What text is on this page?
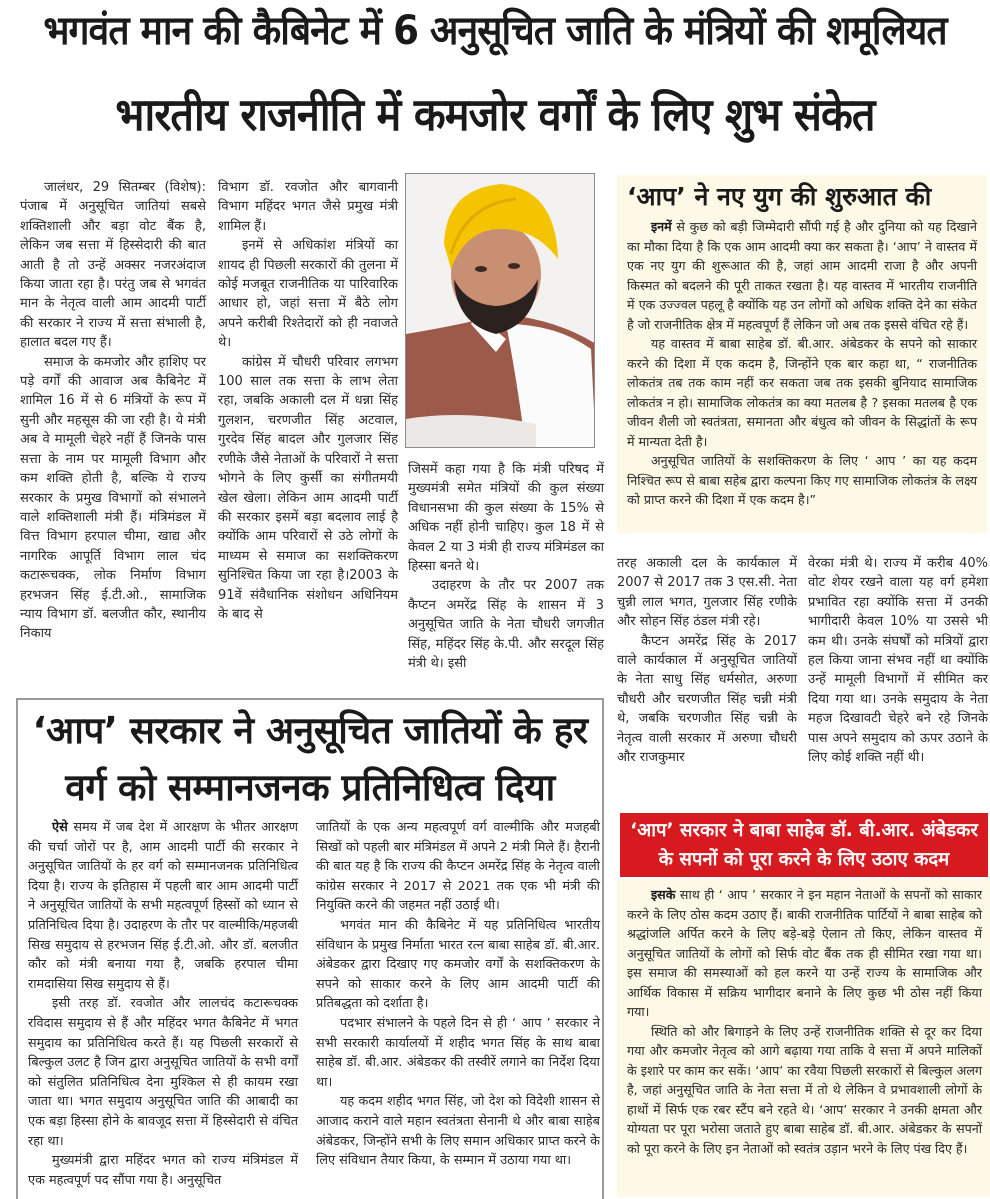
भगवंत मान की कैबिनेट में 6 अनुसूचित जाति के मंत्रियों की शमूलियत
भारतीय राजनीति में कमजोर वर्गों के लिए शुभ संकेत

जालंधर, 29 सितम्बर (विशेष): पंजाब में अनुसूचित जातियां सबसे शक्तिशाली और बड़ा वोट बैंक है, लेकिन जब सत्ता में हिस्सेदारी की बात आती है तो उन्हें अक्सर नजरअंदाज किया जाता रहा है। परंतु जब से भगवंत मान के नेतृत्व वाली आम आदमी पार्टी की सरकार ने राज्य में सत्ता संभाली है, हालात बदल गए हैं।

समाज के कमजोर और हाशिए पर पड़े वर्गों की आवाज अब कैबिनेट में शामिल 16 में से 6 मंत्रियों के रूप में सुनी और महसूस की जा रही है। ये मंत्री अब वे मामूली चेहरे नहीं हैं जिनके पास सत्ता के नाम पर मामूली विभाग और कम शक्ति होती है, बल्कि ये राज्य सरकार के प्रमुख विभागों को संभालने वाले शक्तिशाली मंत्री हैं। मंत्रिमंडल में वित्त विभाग हरपाल चीमा, खाद्य और नागरिक आपूर्ति विभाग लाल चंद कटारूचक्क, लोक निर्माण विभाग हरभजन सिंह ई.टी.ओ., सामाजिक न्याय विभाग डॉ. बलजीत कौर, स्थानीय निकाय

विभाग डॉ. रवजोत और बागवानी विभाग महिंदर भगत जैसे प्रमुख मंत्री शामिल हैं।

इनमें से अधिकांश मंत्रियों का शायद ही पिछली सरकारों की तुलना में कोई मजबूत राजनीतिक या पारिवारिक आधार हो, जहां सत्ता में बैठे लोग अपने करीबी रिश्तेदारों को ही नवाजते थे।

कांग्रेस में चौधरी परिवार लगभग 100 साल तक सत्ता के लाभ लेता रहा, जबकि अकाली दल में धन्ना सिंह गुलशन, चरणजीत सिंह अटवाल, गुरदेव सिंह बादल और गुलजार सिंह रणीके जैसे नेताओं के परिवारों ने सत्ता भोगने के लिए कुर्सी का संगीतमयी खेल खेला। लेकिन आम आदमी पार्टी की सरकार इसमें बड़ा बदलाव लाई है क्योंकि आम परिवारों से उठे लोगों के माध्यम से समाज का सशक्तिकरण सुनिश्चित किया जा रहा है।2003 के 91वें संवैधानिक संशोधन अधिनियम के बाद से

जिसमें कहा गया है कि मंत्री परिषद में मुख्यमंत्री समेत मंत्रियों की कुल संख्या विधानसभा की कुल संख्या के 15% से अधिक नहीं होनी चाहिए। कुल 18 में से केवल 2 या 3 मंत्री ही राज्य मंत्रिमंडल का हिस्सा बनते थे।

उदाहरण के तौर पर 2007 तक कैप्टन अमरेंद्र सिंह के शासन में 3 अनुसूचित जाति के नेता चौधरी जगजीत सिंह, महिंदर सिंह के.पी. और सरदूल सिंह मंत्री थे। इसी

‘आप’ ने नए युग की शुरुआत की

इनमें से कुछ को बड़ी जिम्मेदारी सौंपी गई है और दुनिया को यह दिखाने का मौका दिया है कि एक आम आदमी क्या कर सकता है। ‘आप’ ने वास्तव में एक नए युग की शुरूआत की है, जहां आम आदमी राजा है और अपनी किस्मत को बदलने की पूरी ताकत रखता है। यह वास्तव में भारतीय राजनीति में एक उज्ज्वल पहलू है क्योंकि यह उन लोगों को अधिक शक्ति देने का संकेत है जो राजनीतिक क्षेत्र में महत्वपूर्ण हैं लेकिन जो अब तक इससे वंचित रहे हैं।

यह वास्तव में बाबा साहेब डॉ. बी.आर. अंबेडकर के सपने को साकार करने की दिशा में एक कदम है, जिन्होंने एक बार कहा था, “ राजनीतिक लोकतंत्र तब तक काम नहीं कर सकता जब तक इसकी बुनियाद सामाजिक लोकतंत्र न हो। सामाजिक लोकतंत्र का क्या मतलब है ? इसका मतलब है एक जीवन शैली जो स्वतंत्रता, समानता और बंधुत्व को जीवन के सिद्धांतों के रूप में मान्यता देती है।

अनुसूचित जातियों के सशक्तिकरण के लिए ‘ आप ’ का यह कदम निश्चित रूप से बाबा सहेब द्वारा कल्पना किए गए सामाजिक लोकतंत्र के लक्ष्य को प्राप्त करने की दिशा में एक कदम है।”

तरह अकाली दल के कार्यकाल में 2007 से 2017 तक 3 एस.सी. नेता चुन्नी लाल भगत, गुलजार सिंह रणीके और सोहन सिंह ठंडल मंत्री रहे।

कैप्टन अमरेंद्र सिंह के 2017 वाले कार्यकाल में अनुसूचित जातियों के नेता साधु सिंह धर्मसोत, अरुणा चौधरी और चरणजीत सिंह चन्नी मंत्री थे, जबकि चरणजीत सिंह चन्नी के नेतृत्व वाली सरकार में अरुणा चौधरी और राजकुमार

वेरका मंत्री थे। राज्य में करीब 40% वोट शेयर रखने वाला यह वर्ग हमेशा प्रभावित रहा क्योंकि सत्ता में उनकी भागीदारी केवल 10% या उससे भी कम थी। उनके संघर्षों को मत्रियों द्वारा हल किया जाना संभव नहीं था क्योंकि उन्हें मामूली विभागों में सीमित कर दिया गया था। उनके समुदाय के नेता महज दिखावटी चेहरे बने रहे जिनके पास अपने समुदाय को ऊपर उठाने के लिए कोई शक्ति नहीं थी।

‘आप’ सरकार ने बाबा साहेब डॉ. बी.आर. अंबेडकर
के सपनों को पूरा करने के लिए उठाए कदम

इसके साथ ही ‘ आप ’ सरकार ने इन महान नेताओं के सपनों को साकार करने के लिए ठोस कदम उठाए हैं। बाकी राजनीतिक पार्टियों ने बाबा साहेब को श्रद्धांजलि अर्पित करने के लिए बड़े-बड़े ऐलान तो किए, लेकिन वास्तव में अनुसूचित जातियों के लोगों को सिर्फ वोट बैंक तक ही सीमित रखा गया था। इस समाज की समस्याओं को हल करने या उन्हें राज्य के सामाजिक और आर्थिक विकास में सक्रिय भागीदार बनाने के लिए कुछ भी ठोस नहीं किया गया।

स्थिति को और बिगाड़ने के लिए उन्हें राजनीतिक शक्ति से दूर कर दिया गया और कमजोर नेतृत्व को आगे बढ़ाया गया ताकि वे सत्ता में अपने मालिकों के इशारे पर काम कर सकें। ‘आप’ का रवैया पिछली सरकारों से बिल्कुल अलग है, जहां अनुसूचित जाति के नेता सत्ता में तो थे लेकिन वे प्रभावशाली लोगों के हाथों में सिर्फ एक रबर स्टैंप बने रहते थे। ‘आप’ सरकार ने उनकी क्षमता और योग्यता पर पूरा भरोसा जताते हुए बाबा साहेब डॉ. बी.आर. अंबेडकर के सपनों को पूरा करने के लिए इन नेताओं को स्वतंत्र उड़ान भरने के लिए पंख दिए हैं।

‘आप’ सरकार ने अनुसूचित जातियों के हर
वर्ग को सम्मानजनक प्रतिनिधित्व दिया

ऐसे समय में जब देश में आरक्षण के भीतर आरक्षण की चर्चा जोरों पर है, आम आदमी पार्टी की सरकार ने अनुसूचित जातियों के हर वर्ग को सम्मानजनक प्रतिनिधित्व दिया है। राज्य के इतिहास में पहली बार आम आदमी पार्टी ने अनुसूचित जातियों के सभी महत्वपूर्ण हिस्सों को ध्यान से प्रतिनिधित्व दिया है। उदाहरण के तौर पर वाल्मीकि/महजबी सिख समुदाय से हरभजन सिंह ई.टी.ओ. और डॉ. बलजीत कौर को मंत्री बनाया गया है, जबकि हरपाल चीमा रामदासिया सिख समुदाय से हैं।

इसी तरह डॉ. रवजोत और लालचंद कटारूचक्क रविदास समुदाय से हैं और महिंदर भगत कैबिनेट में भगत समुदाय का प्रतिनिधित्व करते हैं। यह पिछली सरकारों से बिल्कुल उलट है जिन द्वारा अनुसूचित जातियों के सभी वर्गों को संतुलित प्रतिनिधित्व देना मुश्किल से ही कायम रखा जाता था। भगत समुदाय अनुसूचित जाति की आबादी का एक बड़ा हिस्सा होने के बावजूद सत्ता में हिस्सेदारी से वंचित रहा था।

मुख्यमंत्री द्वारा महिंदर भगत को राज्य मंत्रिमंडल में एक महत्वपूर्ण पद सौंपा गया है। अनुसूचित

जातियों के एक अन्य महत्वपूर्ण वर्ग वाल्मीकि और मजहबी सिखों को पहली बार मंत्रिमंडल में अपने 2 मंत्री मिले हैं। हैरानी की बात यह है कि राज्य की कैप्टन अमरेंद्र सिंह के नेतृत्व वाली कांग्रेस सरकार ने 2017 से 2021 तक एक भी मंत्री की नियुक्ति करने की जहमत नहीं उठाई थी।

भगवंत मान की कैबिनेट में यह प्रतिनिधित्व भारतीय संविधान के प्रमुख निर्माता भारत रत्न बाबा साहेब डॉ. बी.आर. अंबेडकर द्वारा दिखाए गए कमजोर वर्गों के सशक्तिकरण के सपने को साकार करने के लिए आम आदमी पार्टी की प्रतिबद्धता को दर्शाता है।

पदभार संभालने के पहले दिन से ही ‘ आप ’ सरकार ने सभी सरकारी कार्यालयों में शहीद भगत सिंह के साथ बाबा साहेब डॉ. बी.आर. अंबेडकर की तस्वीरें लगाने का निर्देश दिया था।

यह कदम शहीद भगत सिंह, जो देश को विदेशी शासन से आजाद कराने वाले महान स्वतंत्रता सेनानी थे और बाबा साहेब अंबेडकर, जिन्होंने सभी के लिए समान अधिकार प्राप्त करने के लिए संविधान तैयार किया, के सम्मान में उठाया गया था।
